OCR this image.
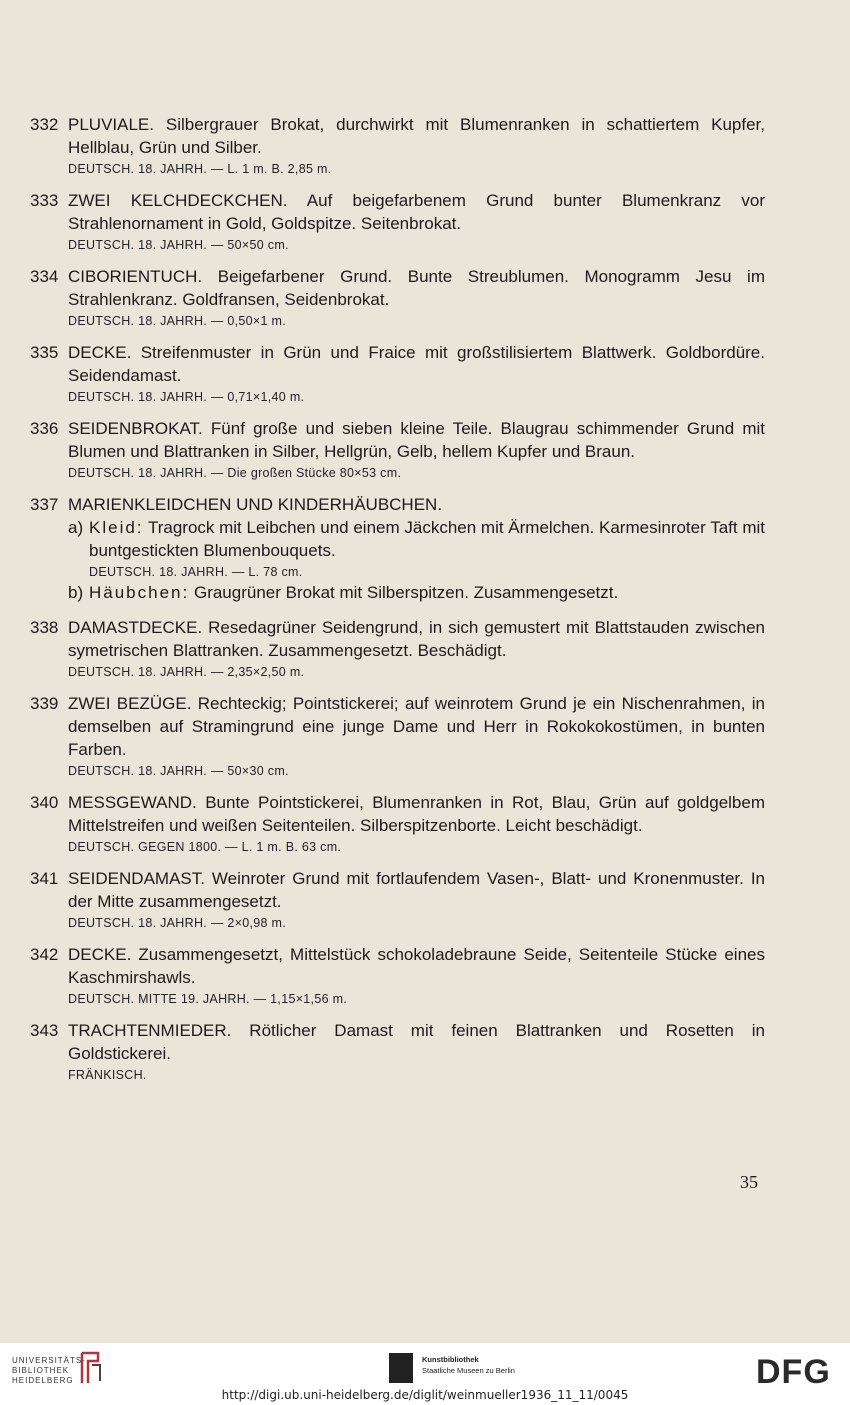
332 PLUVIALE. Silbergrauer Brokat, durchwirkt mit Blumenranken in schattiertem Kupfer, Hellblau, Grün und Silber.

DEUTSCH. 18. JAHRH. — L. 1 m. B. 2,85 m.

333 ZWEI KELCHDECKCHEN. Auf beigefarbenem Grund bunter Blumenkranz vor Strahlenornament in Gold, Goldspitze. Seitenbrokat.

DEUTSCH. 18. JAHRH. — 50×50 cm.

334 CIBORIENTUCH. Beigefarbener Grund. Bunte Streublumen. Monogramm Jesu im Strahlenkranz. Goldfransen, Seidenbrokat.

DEUTSCH. 18. JAHRH. — 0,50×1 m.

335 DECKE. Streifenmuster in Grün und Fraice mit großstilisiertem Blattwerk. Goldbordüre. Seidendamast.

DEUTSCH. 18. JAHRH. — 0,71×1,40 m.

336 SEIDENBROKAT. Fünf große und sieben kleine Teile. Blaugrau schimmender Grund mit Blumen und Blattranken in Silber, Hellgrün, Gelb, hellem Kupfer und Braun.

DEUTSCH. 18. JAHRH. — Die großen Stücke 80×53 cm.

337 MARIENKLEIDCHEN UND KINDERHÄUBCHEN.

a) Kleid: Tragrock mit Leibchen und einem Jäckchen mit Ärmelchen. Karmesinroter Taft mit buntgestickten Blumenbouquets.

DEUTSCH. 18. JAHRH. — L. 78 cm.

b) Häubchen: Graugrüner Brokat mit Silberspitzen. Zusammengesetzt.

338 DAMASTDECKE. Resedagrüner Seidengrund, in sich gemustert mit Blattstauden zwischen symetrischen Blattranken. Zusammengesetzt. Beschädigt.

DEUTSCH. 18. JAHRH. — 2,35×2,50 m.

339 ZWEI BEZÜGE. Rechteckig; Pointstickerei; auf weinrotem Grund je ein Nischenrahmen, in demselben auf Stramingrund eine junge Dame und Herr in Rokokokostümen, in bunten Farben.

DEUTSCH. 18. JAHRH. — 50×30 cm.

340 MESSGEWAND. Bunte Pointstickerei, Blumenranken in Rot, Blau, Grün auf goldgelbem Mittelstreifen und weißen Seitenteilen. Silberspitzenborte. Leicht beschädigt.

DEUTSCH. GEGEN 1800. — L. 1 m. B. 63 cm.

341 SEIDENDAMAST. Weinroter Grund mit fortlaufendem Vasen-, Blatt- und Kronenmuster. In der Mitte zusammengesetzt.

DEUTSCH. 18. JAHRH. — 2×0,98 m.

342 DECKE. Zusammengesetzt, Mittelstück schokoladebraune Seide, Seitenteile Stücke eines Kaschmirshawls.

DEUTSCH. MITTE 19. JAHRH. — 1,15×1,56 m.

343 TRACHTENMIEDER. Rötlicher Damast mit feinen Blattranken und Rosetten in Goldstickerei.

FRÄNKISCH.

35
UNIVERSITÄTS-
BIBLIOTHEK
HEIDELBERG
Kunstbibliothek
Staatliche Museen zu Berlin	DFG
http://digi.ub.uni-heidelberg.de/diglit/weinmueller1936_11_11/0045
